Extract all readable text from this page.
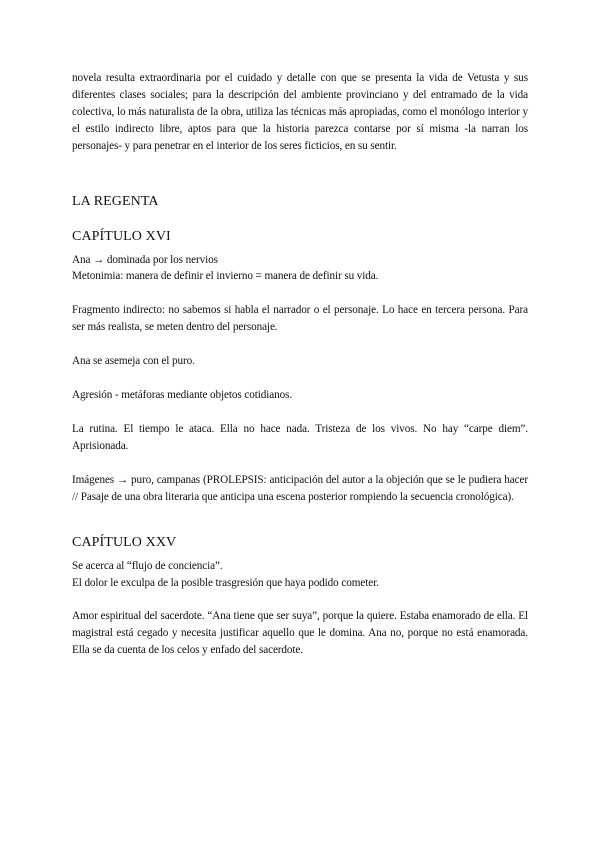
novela resulta extraordinaria por el cuidado y detalle con que se presenta la vida de Vetusta y sus diferentes clases sociales; para la descripción del ambiente provinciano y del entramado de la vida colectiva, lo más naturalista de la obra, utiliza las técnicas más apropiadas, como el monólogo interior y el estilo indirecto libre, aptos para que la historia parezca contarse por sí misma -la narran los personajes- y para penetrar en el interior de los seres ficticios, en su sentir.

LA REGENTA
CAPÍTULO XVI

Ana → dominada por los nervios

Metonimia: manera de definir el invierno = manera de definir su vida.

Fragmento indirecto: no sabemos si habla el narrador o el personaje. Lo hace en tercera persona. Para ser más realista, se meten dentro del personaje.

Ana se asemeja con el puro.

Agresión - metáforas mediante objetos cotidianos.

La rutina. El tiempo le ataca. Ella no hace nada. Tristeza de los vivos. No hay “carpe diem”. Aprisionada.

Imágenes → puro, campanas (PROLEPSIS: anticipación del autor a la objeción que se le pudiera hacer // Pasaje de una obra literaria que anticipa una escena posterior rompiendo la secuencia cronológica).

CAPÍTULO XXV

Se acerca al “flujo de conciencia”.

El dolor le exculpa de la posible trasgresión que haya podido cometer.

Amor espiritual del sacerdote. “Ana tiene que ser suya”, porque la quiere. Estaba enamorado de ella. El magistral está cegado y necesita justificar aquello que le domina. Ana no, porque no está enamorada. Ella se da cuenta de los celos y enfado del sacerdote.
